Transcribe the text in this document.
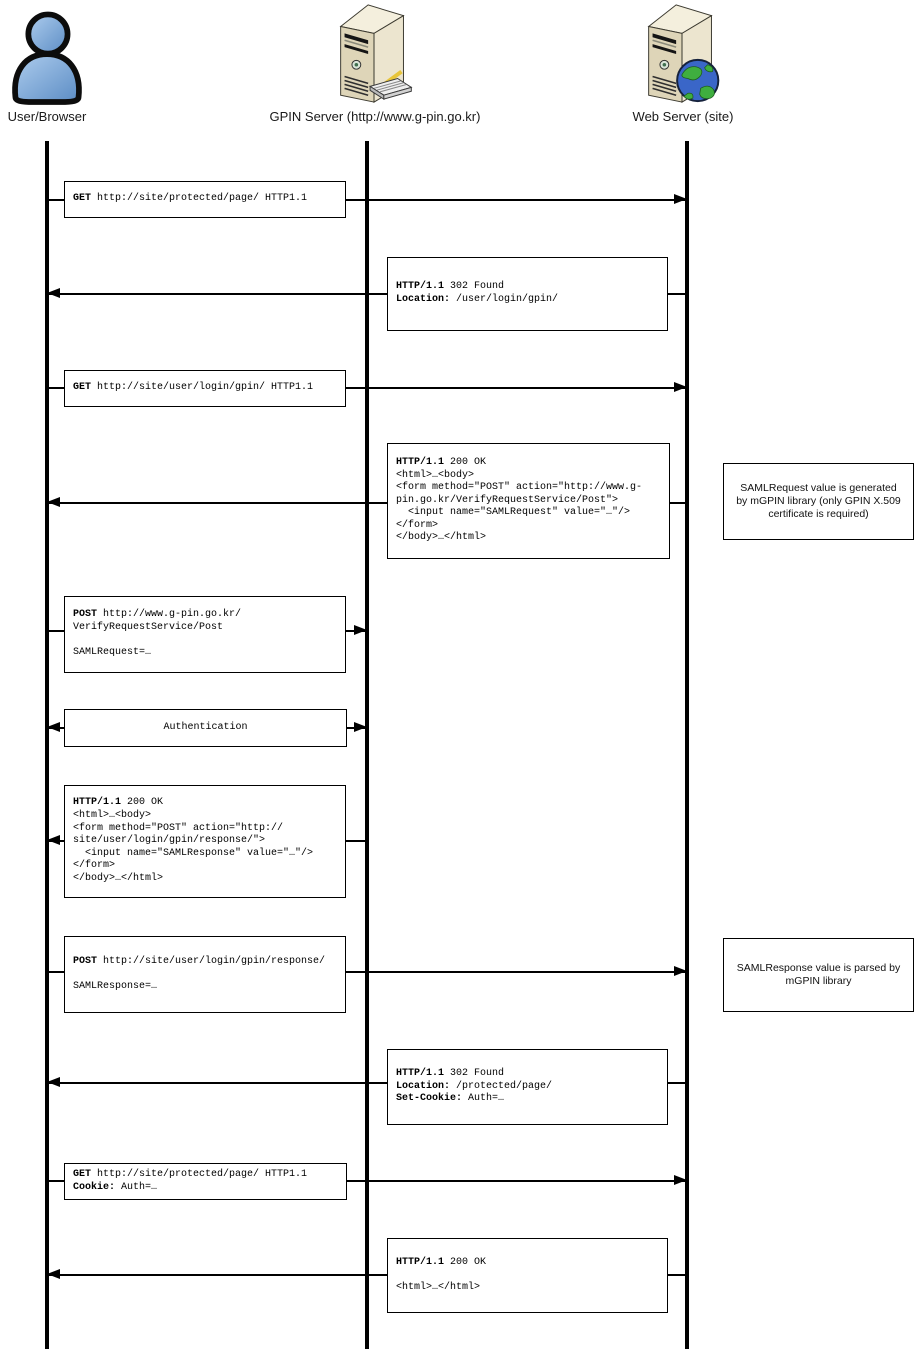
User/Browser	GPIN Server (http://www.g-pin.go.kr)	Web Server (site)
GET http://site/protected/page/ HTTP1.1
HTTP/1.1 302 Found
Location: /user/login/gpin/
GET http://site/user/login/gpin/ HTTP1.1
HTTP/1.1 200 OK
<html>…<body>
<form method="POST" action="http://www.g-
pin.go.kr/VerifyRequestService/Post">
<input name="SAMLRequest" value="…"/>
</form>
</body>…</html>
POST http://www.g-pin.go.kr/
VerifyRequestService/Post

SAMLRequest=…
Authentication
HTTP/1.1 200 OK
<html>…<body>
<form method="POST" action="http://
site/user/login/gpin/response/">
<input name="SAMLResponse" value="…"/>
</form>
</body>…</html>
POST http://site/user/login/gpin/response/

SAMLResponse=…
HTTP/1.1 302 Found
Location: /protected/page/
Set-Cookie: Auth=…
GET http://site/protected/page/ HTTP1.1
Cookie: Auth=…
HTTP/1.1 200 OK

<html>…</html>
SAMLRequest value is generated by mGPIN library (only GPIN X.509 certificate is required)
SAMLResponse value is parsed by mGPIN library
